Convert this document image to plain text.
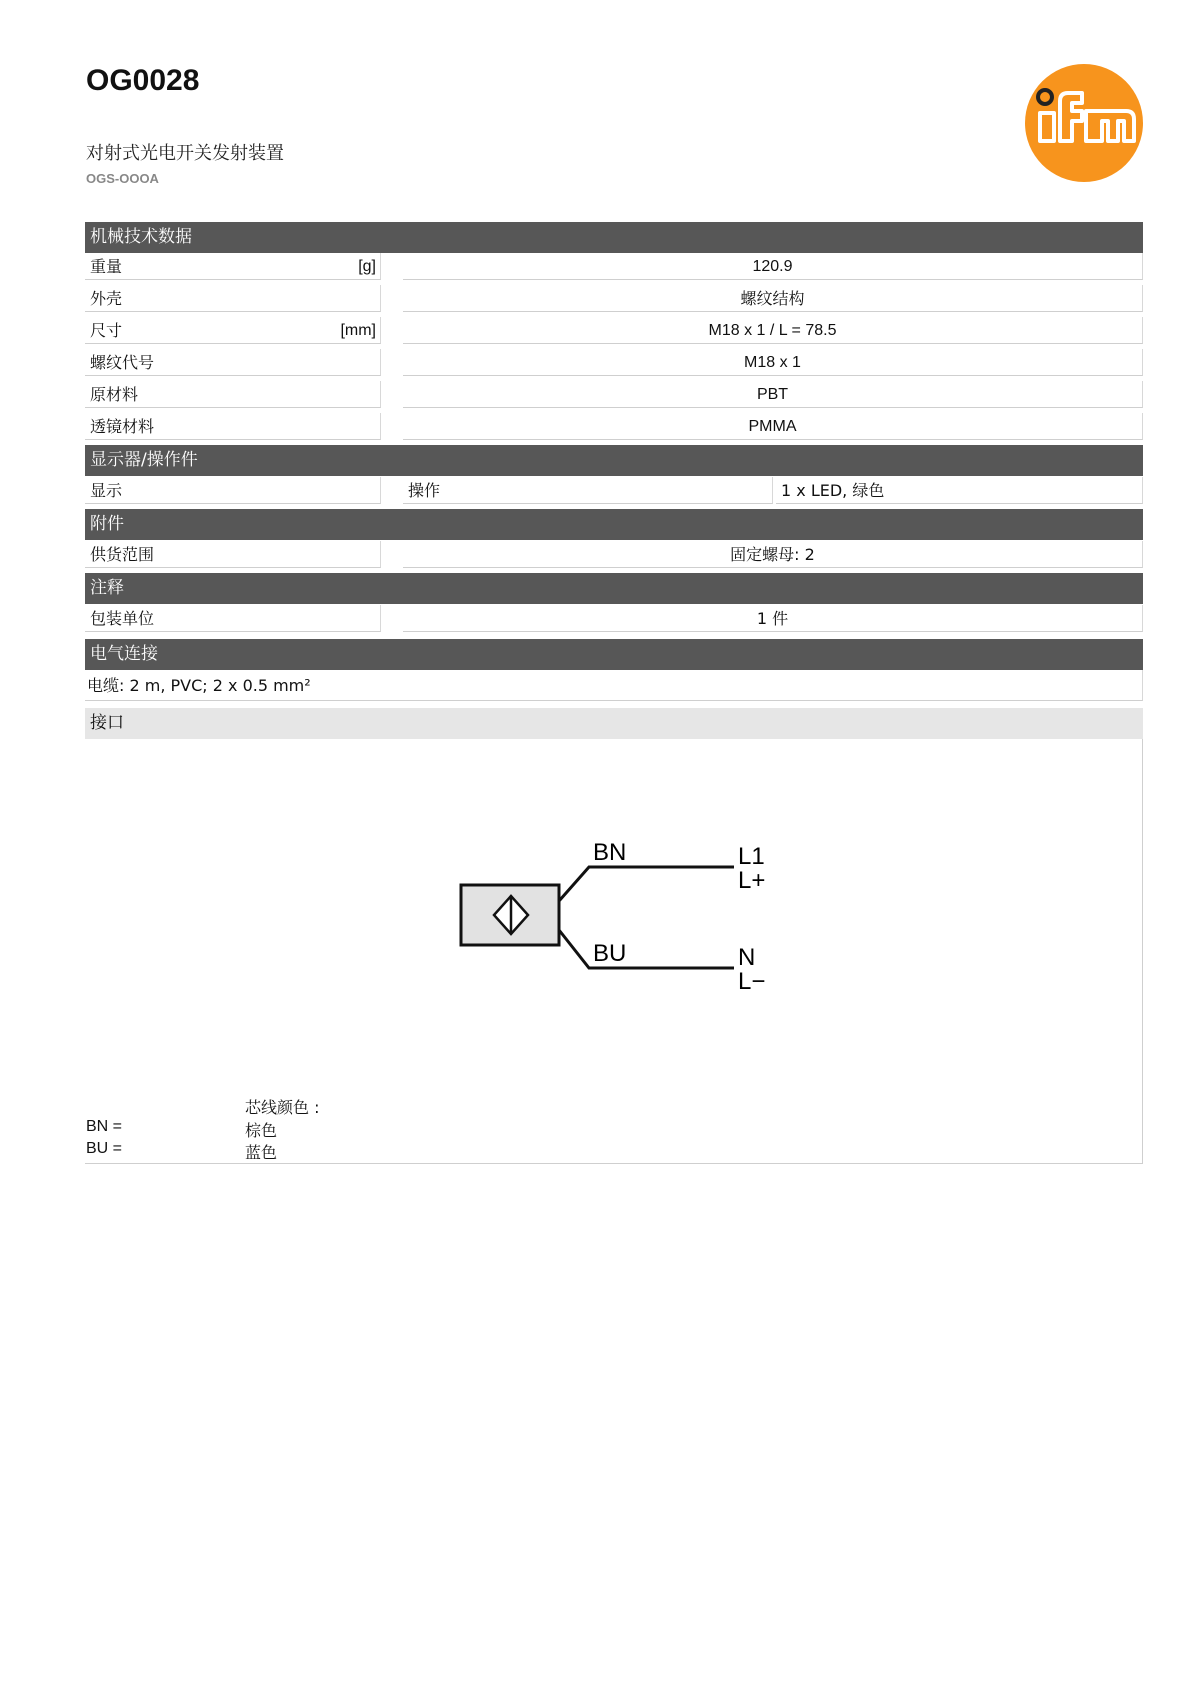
OG0028
对射式光电开关发射装置
OGS-OOOA
机械技术数据
重量	[g]	120.9
外壳	螺纹结构
尺寸	[mm]	M18 x 1 / L = 78.5
螺纹代号	M18 x 1
原材料	PBT
透镜材料	PMMA
显示器/操作件
显示	操作	1 x LED, 绿色
附件
供货范围	固定螺母: 2
注释
包装单位	1 件
电气连接
电缆: 2 m, PVC; 2 x 0.5 mm²
接口
BN
BU
L1
L+
N
L−
芯线颜色 :
BN =	棕色
BU =	蓝色
